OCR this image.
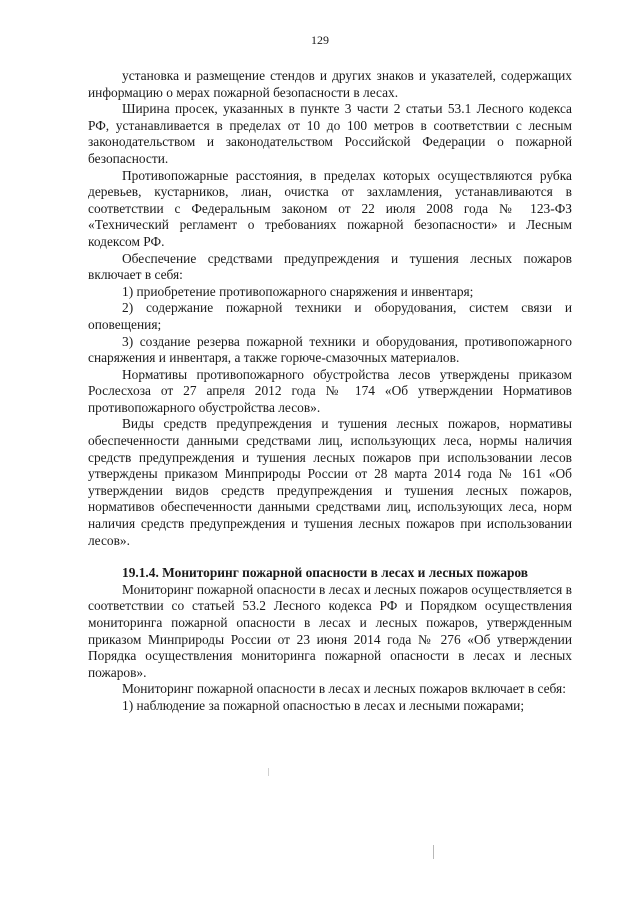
129

установка и размещение стендов и других знаков и указателей, содержащих информацию о мерах пожарной безопасности в лесах.

Ширина просек, указанных в пункте 3 части 2 статьи 53.1 Лесного кодекса РФ, устанавливается в пределах от 10 до 100 метров в соответствии с лесным законодательством и законодательством Российской Федерации о пожарной безопасности.

Противопожарные расстояния, в пределах которых осуществляются рубка деревьев, кустарников, лиан, очистка от захламления, устанавливаются в соответствии с Федеральным законом от 22 июля 2008 года № 123-ФЗ «Технический регламент о требованиях пожарной безопасности» и Лесным кодексом РФ.

Обеспечение средствами предупреждения и тушения лесных пожаров включает в себя:

1) приобретение противопожарного снаряжения и инвентаря;

2) содержание пожарной техники и оборудования, систем связи и оповещения;

3) создание резерва пожарной техники и оборудования, противопожарного снаряжения и инвентаря, а также горюче-смазочных материалов.

Нормативы противопожарного обустройства лесов утверждены приказом Рослесхоза от 27 апреля 2012 года № 174 «Об утверждении Нормативов противопожарного обустройства лесов».

Виды средств предупреждения и тушения лесных пожаров, нормативы обеспеченности данными средствами лиц, использующих леса, нормы наличия средств предупреждения и тушения лесных пожаров при использовании лесов утверждены приказом Минприроды России от 28 марта 2014 года № 161 «Об утверждении видов средств предупреждения и тушения лесных пожаров, нормативов обеспеченности данными средствами лиц, использующих леса, норм наличия средств предупреждения и тушения лесных пожаров при использовании лесов».

19.1.4. Мониторинг пожарной опасности в лесах и лесных пожаров

Мониторинг пожарной опасности в лесах и лесных пожаров осуществляется в соответствии со статьей 53.2 Лесного кодекса РФ и Порядком осуществления мониторинга пожарной опасности в лесах и лесных пожаров, утвержденным приказом Минприроды России от 23 июня 2014 года № 276 «Об утверждении Порядка осуществления мониторинга пожарной опасности в лесах и лесных пожаров».

Мониторинг пожарной опасности в лесах и лесных пожаров включает в себя:

1) наблюдение за пожарной опасностью в лесах и лесными пожарами;
